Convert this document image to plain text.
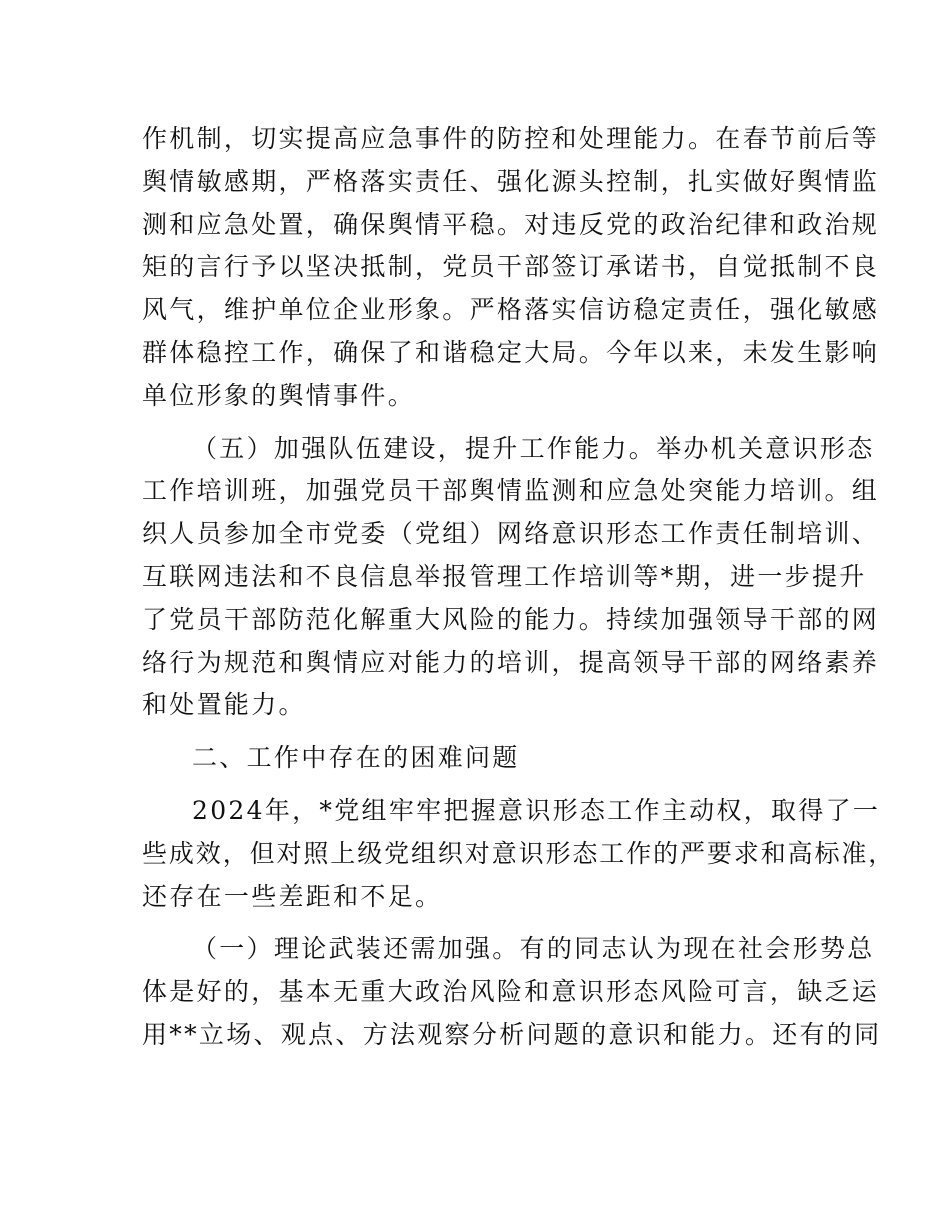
作机制，切实提高应急事件的防控和处理能力。在春节前后等
舆情敏感期，严格落实责任、强化源头控制，扎实做好舆情监
测和应急处置，确保舆情平稳。对违反党的政治纪律和政治规
矩的言行予以坚决抵制，党员干部签订承诺书，自觉抵制不良
风气，维护单位企业形象。严格落实信访稳定责任，强化敏感
群体稳控工作，确保了和谐稳定大局。今年以来，未发生影响
单位形象的舆情事件。
（五）加强队伍建设，提升工作能力。举办机关意识形态
工作培训班，加强党员干部舆情监测和应急处突能力培训。组
织人员参加全市党委（党组）网络意识形态工作责任制培训、
互联网违法和不良信息举报管理工作培训等*期，进一步提升
了党员干部防范化解重大风险的能力。持续加强领导干部的网
络行为规范和舆情应对能力的培训，提高领导干部的网络素养
和处置能力。
二、工作中存在的困难问题
2024年，*党组牢牢把握意识形态工作主动权，取得了一
些成效，但对照上级党组织对意识形态工作的严要求和高标准，
还存在一些差距和不足。
（一）理论武装还需加强。有的同志认为现在社会形势总
体是好的，基本无重大政治风险和意识形态风险可言，缺乏运
用**立场、观点、方法观察分析问题的意识和能力。还有的同
